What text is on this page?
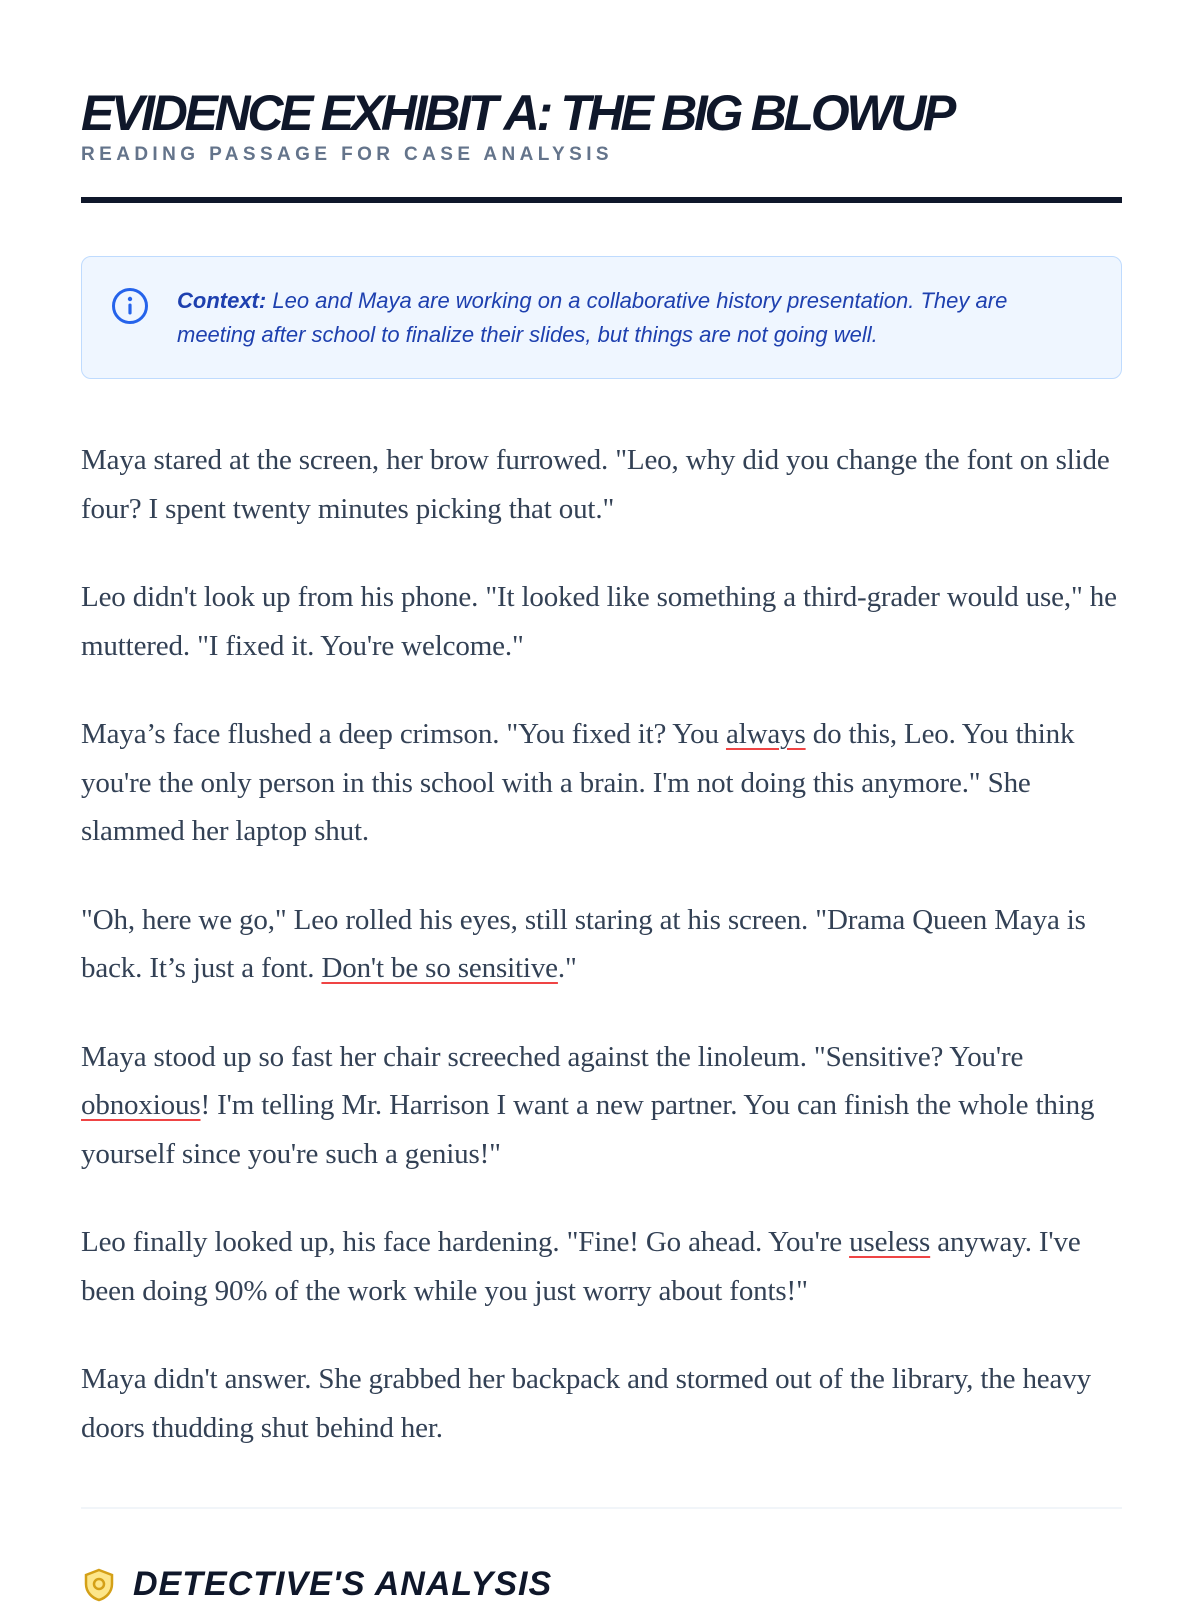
EVIDENCE EXHIBIT A: THE BIG BLOWUP
READING PASSAGE FOR CASE ANALYSIS
Context: Leo and Maya are working on a collaborative history presentation. They are meeting after school to finalize their slides, but things are not going well.

Maya stared at the screen, her brow furrowed. "Leo, why did you change the font on slide four? I spent twenty minutes picking that out."

Leo didn't look up from his phone. "It looked like something a third-grader would use," he muttered. "I fixed it. You're welcome."

Maya’s face flushed a deep crimson. "You fixed it? You always do this, Leo. You think you're the only person in this school with a brain. I'm not doing this anymore." She slammed her laptop shut.

"Oh, here we go," Leo rolled his eyes, still staring at his screen. "Drama Queen Maya is back. It’s just a font. Don't be so sensitive."

Maya stood up so fast her chair screeched against the linoleum. "Sensitive? You're obnoxious! I'm telling Mr. Harrison I want a new partner. You can finish the whole thing yourself since you're such a genius!"

Leo finally looked up, his face hardening. "Fine! Go ahead. You're useless anyway. I've been doing 90% of the work while you just worry about fonts!"

Maya didn't answer. She grabbed her backpack and stormed out of the library, the heavy doors thudding shut behind her.

DETECTIVE'S ANALYSIS
